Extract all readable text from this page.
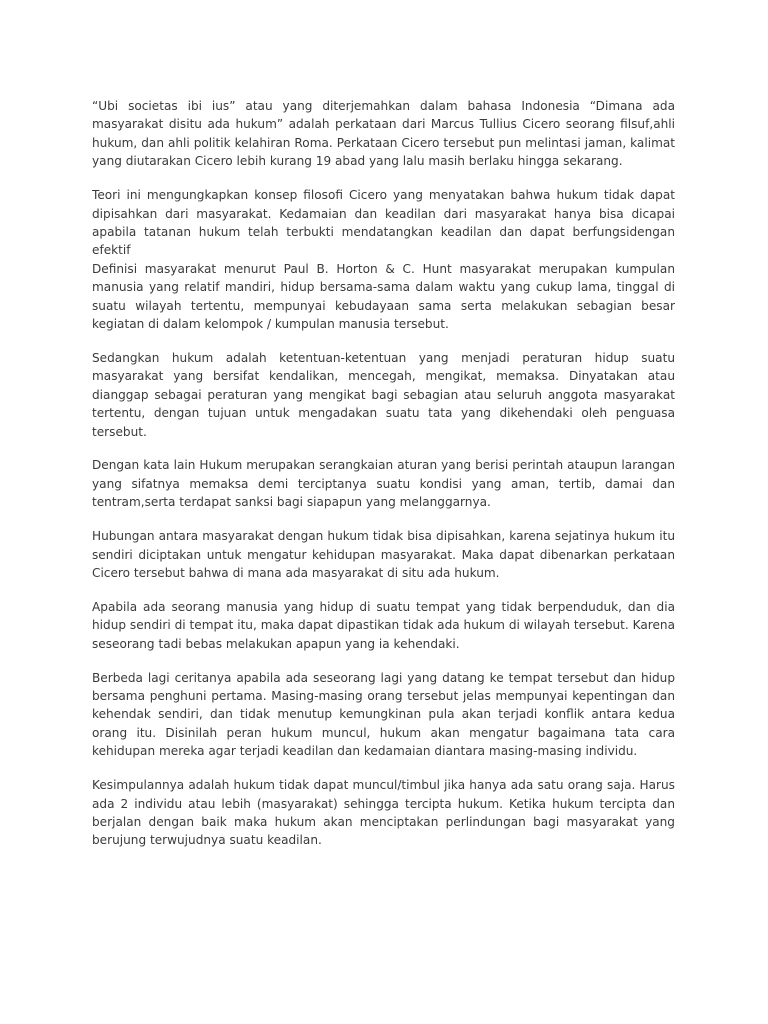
“Ubi societas ibi ius” atau yang diterjemahkan dalam bahasa Indonesia “Dimana ada masyarakat disitu ada hukum” adalah perkataan dari Marcus Tullius Cicero seorang filsuf,ahli hukum, dan ahli politik kelahiran Roma. Perkataan Cicero tersebut pun melintasi jaman, kalimat yang diutarakan Cicero lebih kurang 19 abad yang lalu masih berlaku hingga sekarang.

Teori ini mengungkapkan konsep filosofi Cicero yang menyatakan bahwa hukum tidak dapat dipisahkan dari masyarakat. Kedamaian dan keadilan dari masyarakat hanya bisa dicapai apabila tatanan hukum telah terbukti mendatangkan keadilan dan dapat berfungsidengan efektif
Definisi masyarakat menurut Paul B. Horton & C. Hunt masyarakat merupakan kumpulan manusia yang relatif mandiri, hidup bersama-sama dalam waktu yang cukup lama, tinggal di suatu wilayah tertentu, mempunyai kebudayaan sama serta melakukan sebagian besar kegiatan di dalam kelompok / kumpulan manusia tersebut.

Sedangkan hukum adalah ketentuan-ketentuan yang menjadi peraturan hidup suatu masyarakat yang bersifat kendalikan, mencegah, mengikat, memaksa. Dinyatakan atau dianggap sebagai peraturan yang mengikat bagi sebagian atau seluruh anggota masyarakat tertentu, dengan tujuan untuk mengadakan suatu tata yang dikehendaki oleh penguasa tersebut.

Dengan kata lain Hukum merupakan serangkaian aturan yang berisi perintah ataupun larangan yang sifatnya memaksa demi terciptanya suatu kondisi yang aman, tertib, damai dan tentram,serta terdapat sanksi bagi siapapun yang melanggarnya.

Hubungan antara masyarakat dengan hukum tidak bisa dipisahkan, karena sejatinya hukum itu sendiri diciptakan untuk mengatur kehidupan masyarakat. Maka dapat dibenarkan perkataan Cicero tersebut bahwa di mana ada masyarakat di situ ada hukum.

Apabila ada seorang manusia yang hidup di suatu tempat yang tidak berpenduduk, dan dia hidup sendiri di tempat itu, maka dapat dipastikan tidak ada hukum di wilayah tersebut. Karena seseorang tadi bebas melakukan apapun yang ia kehendaki.

Berbeda lagi ceritanya apabila ada seseorang lagi yang datang ke tempat tersebut dan hidup bersama penghuni pertama. Masing-masing orang tersebut jelas mempunyai kepentingan dan kehendak sendiri, dan tidak menutup kemungkinan pula akan terjadi konflik antara kedua orang itu. Disinilah peran hukum muncul, hukum akan mengatur bagaimana tata cara kehidupan mereka agar terjadi keadilan dan kedamaian diantara masing-masing individu.

Kesimpulannya adalah hukum tidak dapat muncul/timbul jika hanya ada satu orang saja. Harus ada 2 individu atau lebih (masyarakat) sehingga tercipta hukum. Ketika hukum tercipta dan berjalan dengan baik maka hukum akan menciptakan perlindungan bagi masyarakat yang berujung terwujudnya suatu keadilan.
